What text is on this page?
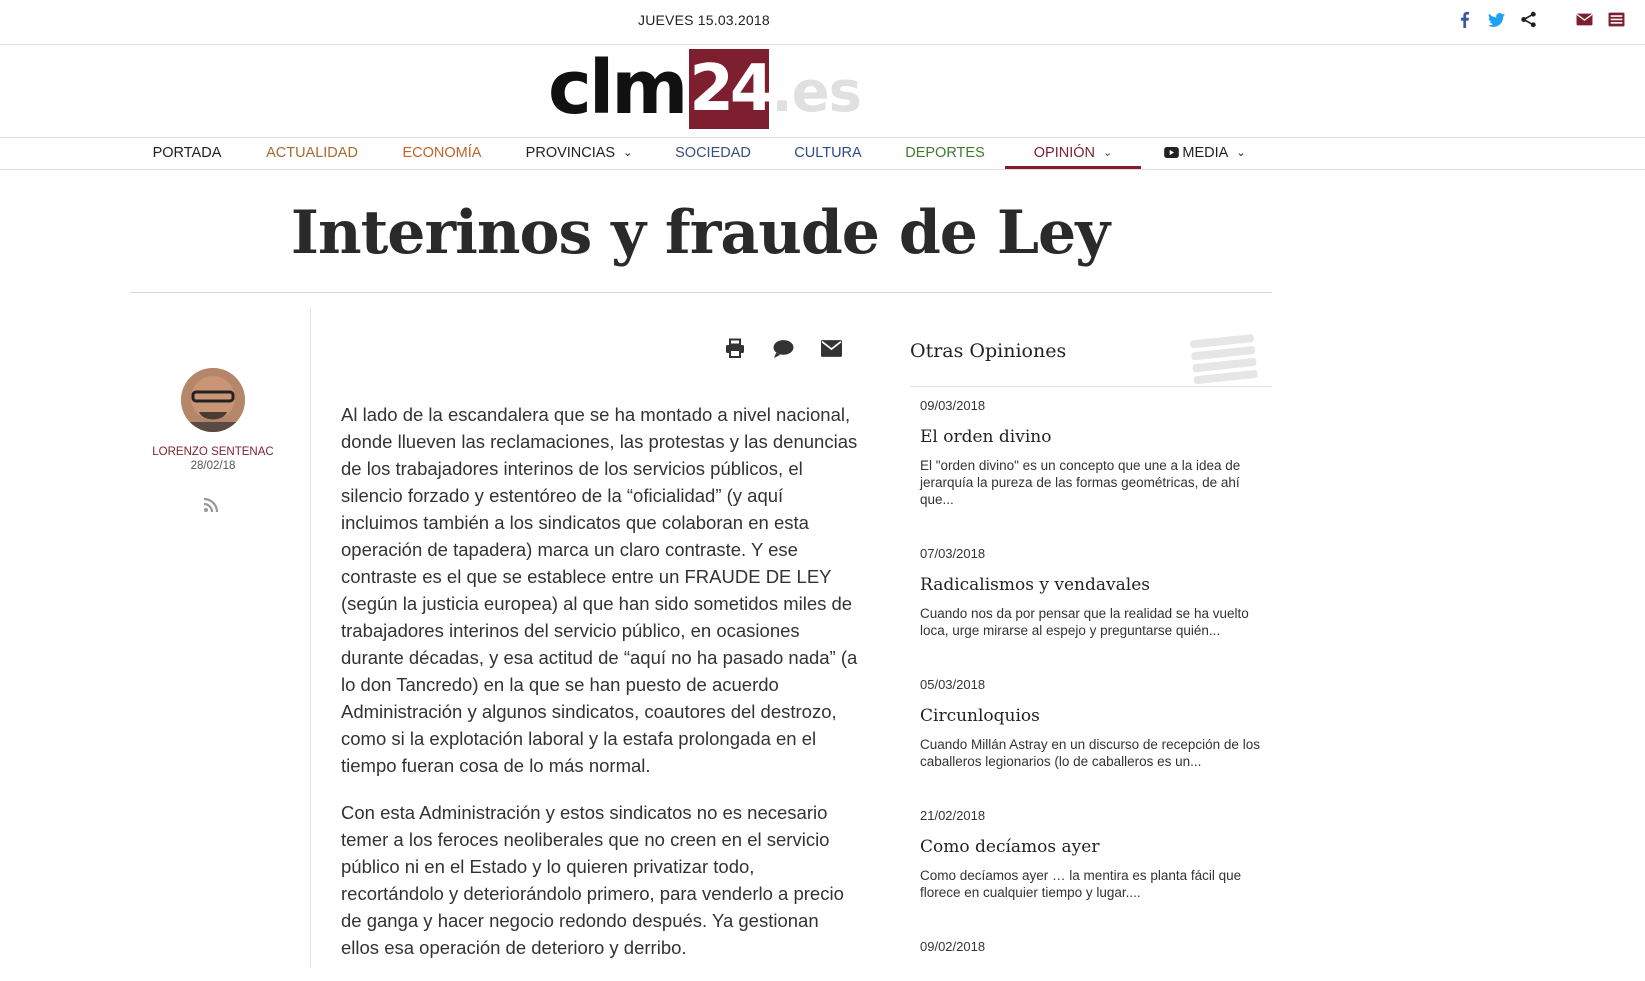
JUEVES 15.03.2018
clm 24 .es
PORTADA	ACTUALIDAD	ECONOMÍA	PROVINCIAS ⌄	SOCIEDAD	CULTURA	DEPORTES	OPINIÓN ⌄	MEDIA ⌄
Interinos y fraude de Ley
LORENZO SENTENAC
28/02/18

Al lado de la escandalera que se ha montado a nivel nacional, donde llueven las reclamaciones, las protestas y las denuncias de los trabajadores interinos de los servicios públicos, el silencio forzado y estentóreo de la “oficialidad” (y aquí incluimos también a los sindicatos que colaboran en esta operación de tapadera) marca un claro contraste. Y ese contraste es el que se establece entre un FRAUDE DE LEY (según la justicia europea) al que han sido sometidos miles de trabajadores interinos del servicio público, en ocasiones durante décadas, y esa actitud de “aquí no ha pasado nada” (a lo don Tancredo) en la que se han puesto de acuerdo Administración y algunos sindicatos, coautores del destrozo, como si la explotación laboral y la estafa prolongada en el tiempo fueran cosa de lo más normal.

Con esta Administración y estos sindicatos no es necesario temer a los feroces neoliberales que no creen en el servicio público ni en el Estado y lo quieren privatizar todo, recortándolo y deteriorándolo primero, para venderlo a precio de ganga y hacer negocio redondo después. Ya gestionan ellos esa operación de deterioro y derribo.

Otras Opiniones
09/03/2018
El orden divino
El "orden divino" es un concepto que une a la idea de jerarquía la pureza de las formas geométricas, de ahí que...
07/03/2018
Radicalismos y vendavales
Cuando nos da por pensar que la realidad se ha vuelto loca, urge mirarse al espejo y preguntarse quién...
05/03/2018
Circunloquios
Cuando Millán Astray en un discurso de recepción de los caballeros legionarios (lo de caballeros es un...
21/02/2018
Como decíamos ayer
Como decíamos ayer … la mentira es planta fácil que florece en cualquier tiempo y lugar....
09/02/2018
